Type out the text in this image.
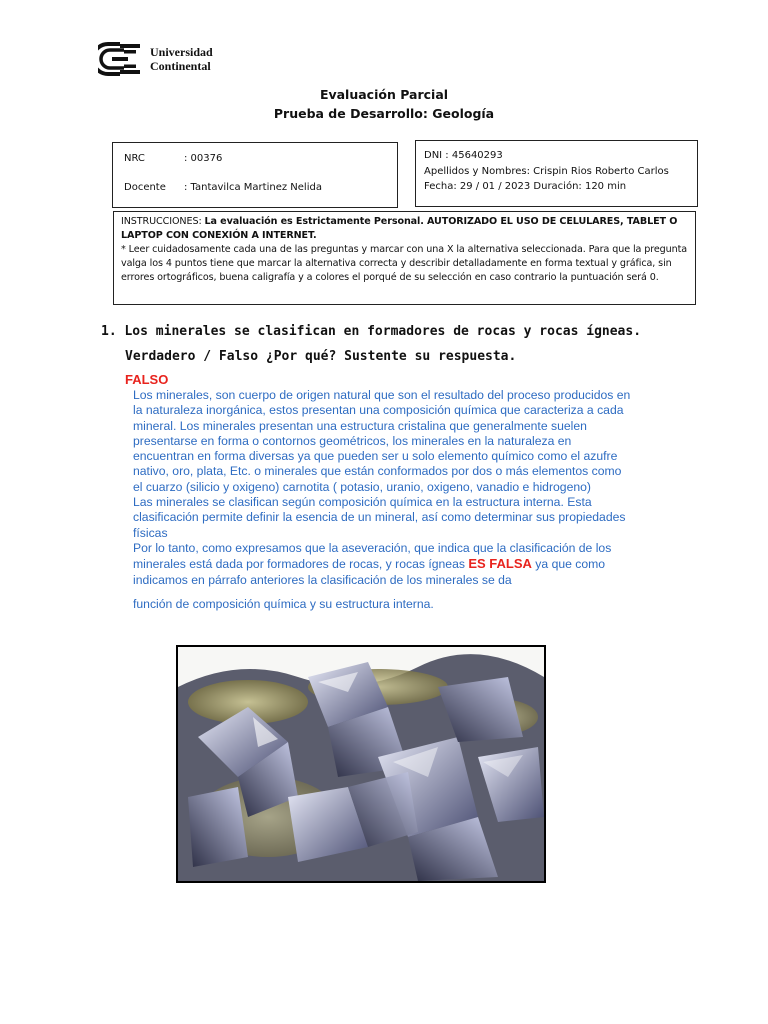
Universidad
Continental
Evaluación Parcial
Prueba de Desarrollo: Geología
NRC	: 00376
Docente : Tantavilca Martinez Nelida
DNI : 45640293
Apellidos y Nombres: Crispin Rios Roberto Carlos
Fecha: 29 / 01 / 2023 Duración: 120 min
INSTRUCCIONES: La evaluación es Estrictamente Personal. AUTORIZADO EL USO DE CELULARES, TABLET O LAPTOP CON CONEXIÓN A INTERNET.
* Leer cuidadosamente cada una de las preguntas y marcar con una X la alternativa seleccionada. Para que la pregunta valga los 4 puntos tiene que marcar la alternativa correcta y describir detalladamente en forma textual y gráfica, sin errores ortográficos, buena caligrafía y a colores el porqué de su selección en caso contrario la puntuación será 0.
1. Los minerales se clasifican en formadores de rocas y rocas ígneas.
Verdadero / Falso ¿Por qué? Sustente su respuesta.
FALSO

Los minerales, son cuerpo de origen natural que son el resultado del proceso producidos en la naturaleza inorgánica, estos presentan una composición química que caracteriza a cada mineral. Los minerales presentan una estructura cristalina que generalmente suelen presentarse en forma o contornos geométricos, los minerales en la naturaleza en encuentran en forma diversas ya que pueden ser u solo elemento químico como el azufre nativo, oro, plata, Etc. o minerales que están conformados por dos o más elementos como el cuarzo (silicio y oxigeno) carnotita ( potasio, uranio, oxigeno, vanadio e hidrogeno)

Las minerales se clasifican según composición química en la estructura interna. Esta clasificación permite definir la esencia de un mineral, así como determinar sus propiedades físicas

Por lo tanto, como expresamos que la aseveración, que indica que la clasificación de los minerales está dada por formadores de rocas, y rocas ígneas ES FALSA ya que como indicamos en párrafo anteriores la clasificación de los minerales se da

función de composición química y su estructura interna.
